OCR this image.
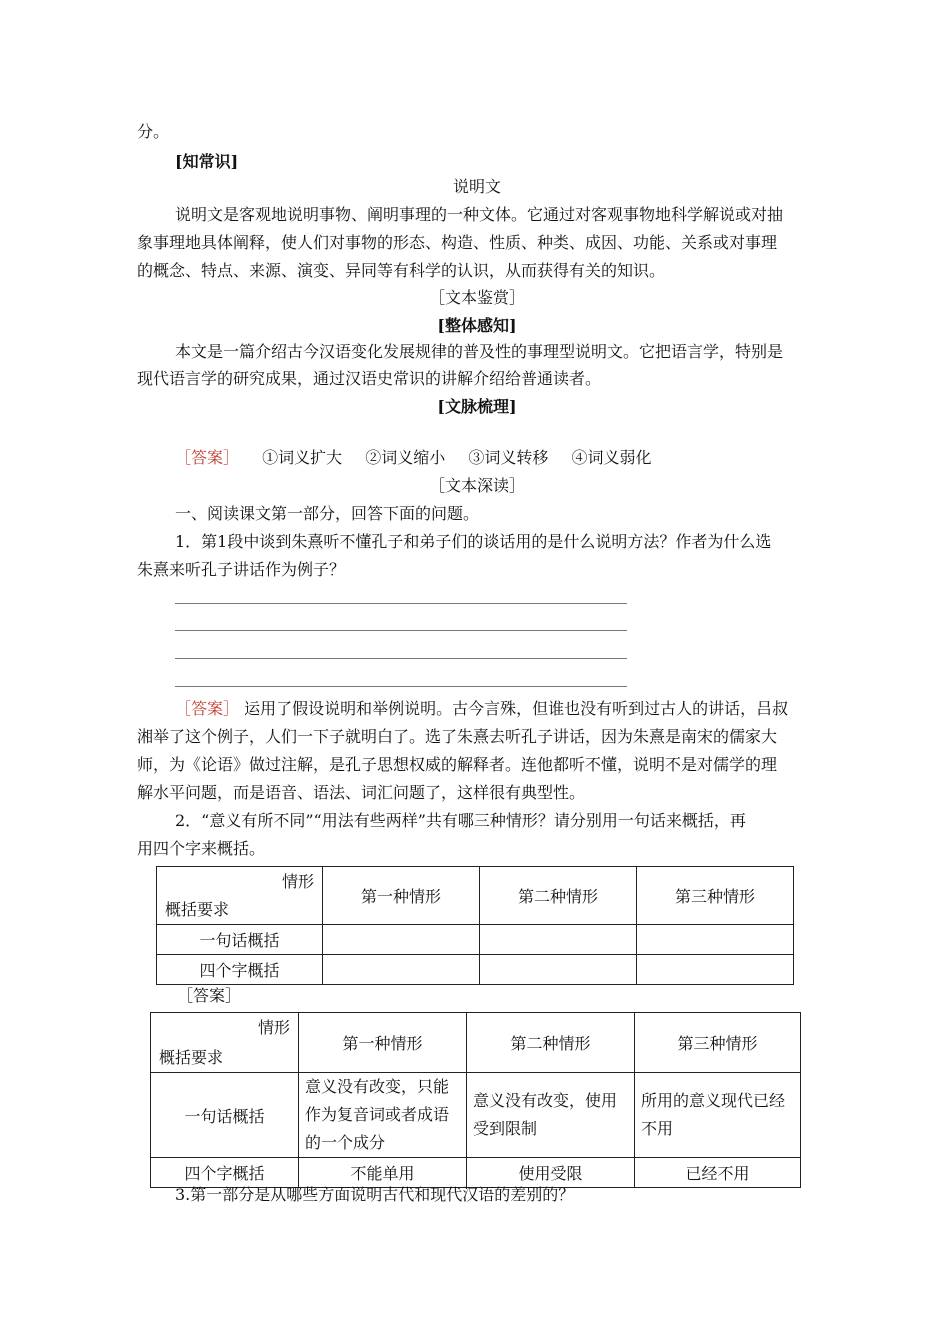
分。
[知常识]
说明文
说明文是客观地说明事物、阐明事理的一种文体。它通过对客观事物地科学解说或对抽
象事理地具体阐释，使人们对事物的形态、构造、性质、种类、成因、功能、关系或对事理
的概念、特点、来源、演变、异同等有科学的认识，从而获得有关的知识。
［文本鉴赏］
[整体感知]
本文是一篇介绍古今汉语变化发展规律的普及性的事理型说明文。它把语言学，特别是
现代语言学的研究成果，通过汉语史常识的讲解介绍给普通读者。
[文脉梳理]
［答案］ ①词义扩大 ②词义缩小 ③词义转移 ④词义弱化
［文本深读］
一、阅读课文第一部分，回答下面的问题。
1．第1段中谈到朱熹听不懂孔子和弟子们的谈话用的是什么说明方法？作者为什么选
朱熹来听孔子讲话作为例子？
［答案］ 运用了假设说明和举例说明。古今言殊，但谁也没有听到过古人的讲话，吕叔
湘举了这个例子，人们一下子就明白了。选了朱熹去听孔子讲话，因为朱熹是南宋的儒家大
师，为《论语》做过注解，是孔子思想权威的解释者。连他都听不懂，说明不是对儒学的理
解水平问题，而是语音、语法、词汇问题了，这样很有典型性。
2．“意义有所不同”“用法有些两样”共有哪三种情形？请分别用一句话来概括，再
用四个字来概括。
情形
概括要求	第一种情形	第二种情形	第三种情形
一句话概括			
四个字概括			
［答案］
情形
概括要求	第一种情形	第二种情形	第三种情形
一句话概括	意义没有改变，只能作为复音词或者成语的一个成分	意义没有改变，使用受到限制	所用的意义现代已经不用
四个字概括	不能单用	使用受限	已经不用
3.第一部分是从哪些方面说明古代和现代汉语的差别的？
